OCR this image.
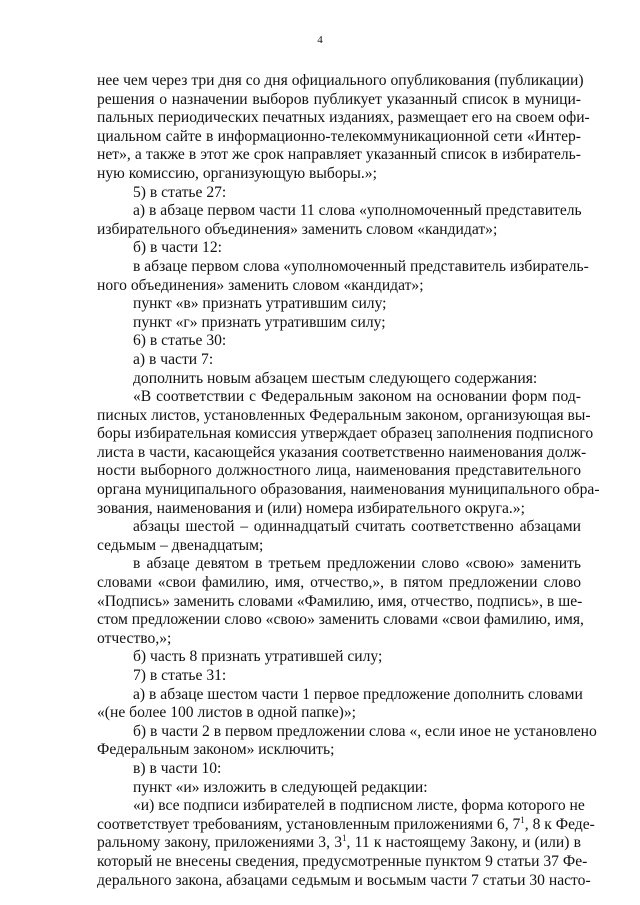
4
нее чем через три дня со дня официального опубликования (публикации)
решения о назначении выборов публикует указанный список в муници-
пальных периодических печатных изданиях, размещает его на своем офи-
циальном сайте в информационно-телекоммуникационной сети «Интер-
нет», а также в этот же срок направляет указанный список в избиратель-
ную комиссию, организующую выборы.»;
5) в статье 27:
а) в абзаце первом части 11 слова «уполномоченный представитель
избирательного объединения» заменить словом «кандидат»;
б) в части 12:
в абзаце первом слова «уполномоченный представитель избиратель-
ного объединения» заменить словом «кандидат»;
пункт «в» признать утратившим силу;
пункт «г» признать утратившим силу;
6) в статье 30:
а) в части 7:
дополнить новым абзацем шестым следующего содержания:
«В соответствии с Федеральным законом на основании форм под-
писных листов, установленных Федеральным законом, организующая вы-
боры избирательная комиссия утверждает образец заполнения подписного
листа в части, касающейся указания соответственно наименования долж-
ности выборного должностного лица, наименования представительного
органа муниципального образования, наименования муниципального обра-
зования, наименования и (или) номера избирательного округа.»;
абзацы шестой – одиннадцатый считать соответственно абзацами
седьмым – двенадцатым;
в абзаце девятом в третьем предложении слово «свою» заменить
словами «свои фамилию, имя, отчество,», в пятом предложении слово
«Подпись» заменить словами «Фамилию, имя, отчество, подпись», в ше-
стом предложении слово «свою» заменить словами «свои фамилию, имя,
отчество,»;
б) часть 8 признать утратившей силу;
7) в статье 31:
а) в абзаце шестом части 1 первое предложение дополнить словами
«(не более 100 листов в одной папке)»;
б) в части 2 в первом предложении слова «, если иное не установлено
Федеральным законом» исключить;
в) в части 10:
пункт «и» изложить в следующей редакции:
«и) все подписи избирателей в подписном листе, форма которого не
соответствует требованиям, установленным приложениями 6, $7^1$, 8 к Феде-
ральному закону, приложениями 3, $3^1$, 11 к настоящему Закону, и (или) в
который не внесены сведения, предусмотренные пунктом 9 статьи 37 Фе-
дерального закона, абзацами седьмым и восьмым части 7 статьи 30 насто-
